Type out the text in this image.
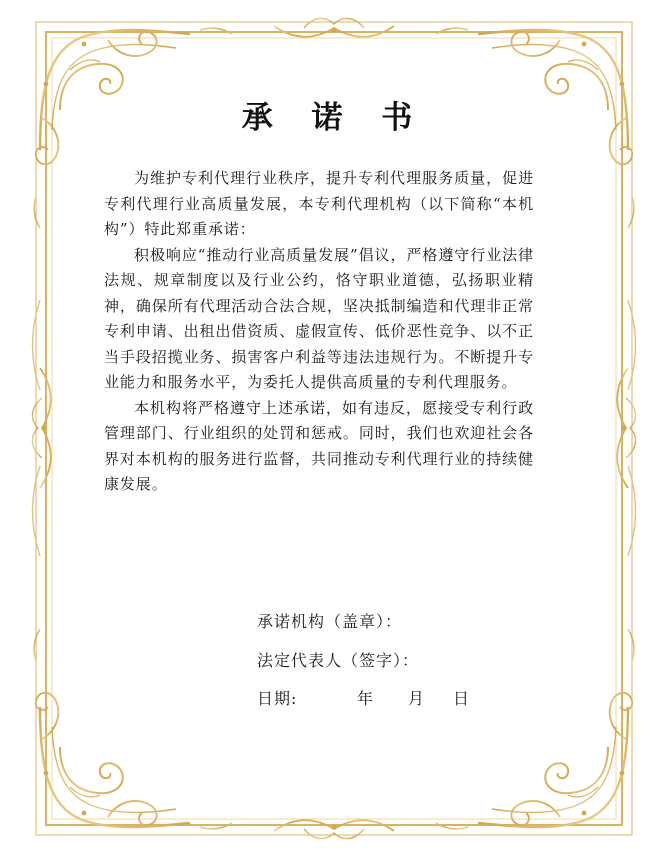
承 诺 书

为维护专利代理行业秩序，提升专利代理服务质量，促进专利代理行业高质量发展，本专利代理机构（以下简称“本机构”）特此郑重承诺：

积极响应“推动行业高质量发展”倡议，严格遵守行业法律法规、规章制度以及行业公约，恪守职业道德，弘扬职业精神，确保所有代理活动合法合规，坚决抵制编造和代理非正常专利申请、出租出借资质、虚假宣传、低价恶性竞争、以不正当手段招揽业务、损害客户利益等违法违规行为。不断提升专业能力和服务水平，为委托人提供高质量的专利代理服务。

本机构将严格遵守上述承诺，如有违反，愿接受专利行政管理部门、行业组织的处罚和惩戒。同时，我们也欢迎社会各界对本机构的服务进行监督，共同推动专利代理行业的持续健康发展。

承诺机构（盖章）：
法定代表人（签字）：
日期:	年 月 日
